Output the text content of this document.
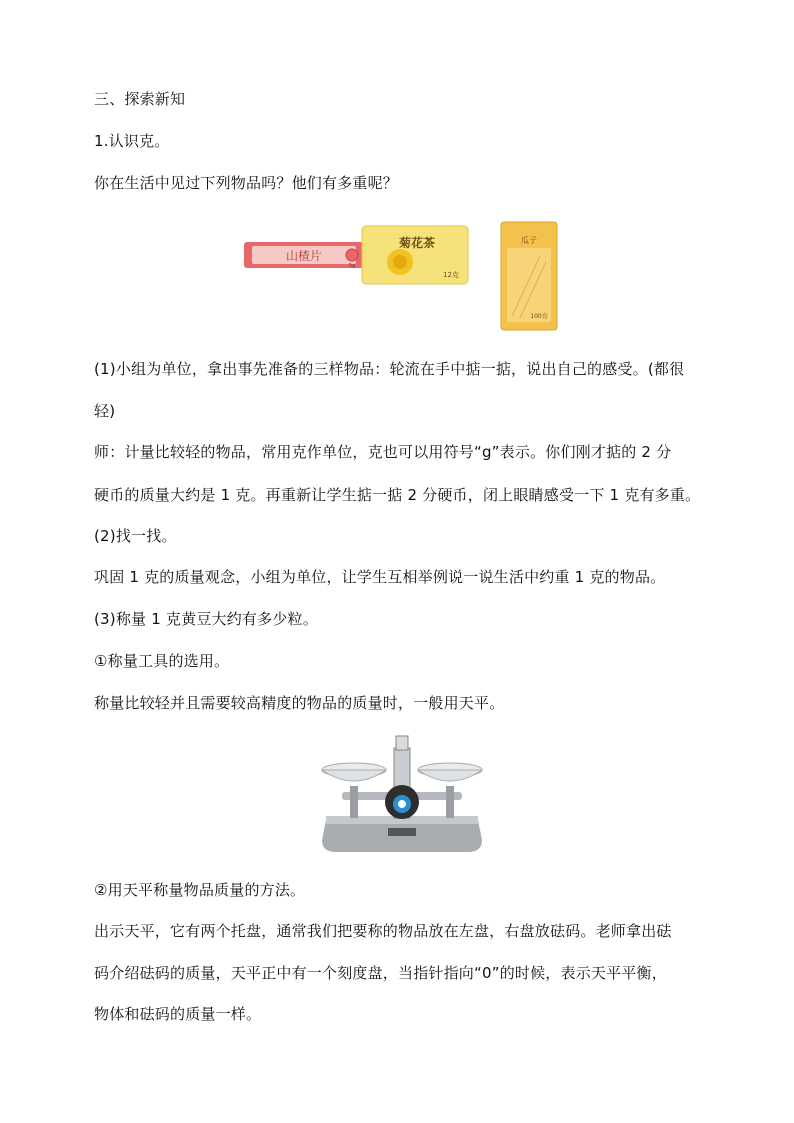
三、探索新知
1.认识克。
你在生活中见过下列物品吗？他们有多重呢？
山楂片
5g
菊花茶
12克
瓜子
100克
(1)小组为单位，拿出事先准备的三样物品：轮流在手中掂一掂，说出自己的感受。(都很
轻)
师：计量比较轻的物品，常用克作单位，克也可以用符号“g”表示。你们刚才掂的 2 分
硬币的质量大约是 1 克。再重新让学生掂一掂 2 分硬币，闭上眼睛感受一下 1 克有多重。
(2)找一找。
巩固 1 克的质量观念，小组为单位，让学生互相举例说一说生活中约重 1 克的物品。
(3)称量 1 克黄豆大约有多少粒。
①称量工具的选用。
称量比较轻并且需要较高精度的物品的质量时，一般用天平。
②用天平称量物品质量的方法。
出示天平，它有两个托盘，通常我们把要称的物品放在左盘，右盘放砝码。老师拿出砝
码介绍砝码的质量，天平正中有一个刻度盘，当指针指向“0”的时候，表示天平平衡，
物体和砝码的质量一样。
